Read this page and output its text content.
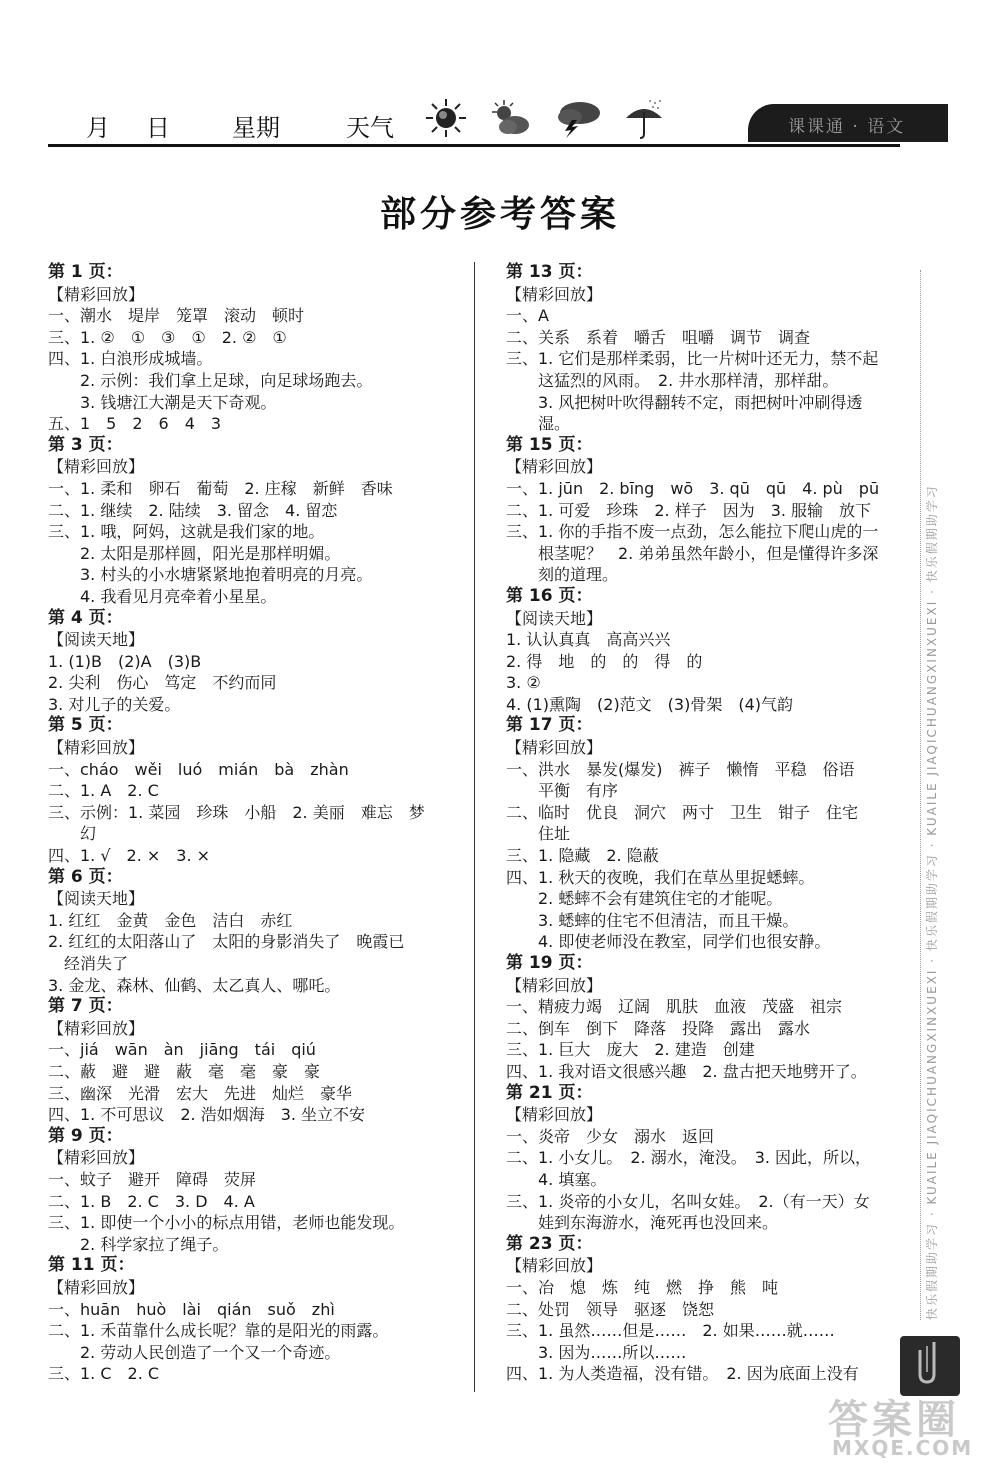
月 日	星期	天气	课课通 · 语文
部分参考答案
第 1 页：
【精彩回放】
一、潮水　堤岸　笼罩　滚动　顿时
三、1. ②　①　③　①　2. ②　①
四、1. 白浪形成城墙。
　　2. 示例：我们拿上足球，向足球场跑去。
　　3. 钱塘江大潮是天下奇观。
五、1　5　2　6　4　3
第 3 页：
【精彩回放】
一、1. 柔和　卵石　葡萄　2. 庄稼　新鲜　香味
二、1. 继续　2. 陆续　3. 留念　4. 留恋
三、1. 哦，阿妈，这就是我们家的地。
　　2. 太阳是那样圆，阳光是那样明媚。
　　3. 村头的小水塘紧紧地抱着明亮的月亮。
　　4. 我看见月亮牵着小星星。
第 4 页：
【阅读天地】
1. (1)B　(2)A　(3)B
2. 尖利　伤心　笃定　不约而同
3. 对儿子的关爱。
第 5 页：
【精彩回放】
一、cháo　wěi　luó　mián　bà　zhàn
二、1. A　2. C
三、示例：1. 菜园　珍珠　小船　2. 美丽　难忘　梦
　　幻
四、1. √　2. ×　3. ×
第 6 页：
【阅读天地】
1. 红红　金黄　金色　洁白　赤红
2. 红红的太阳落山了　太阳的身影消失了　晚霞已
　经消失了
3. 金龙、森林、仙鹤、太乙真人、哪吒。
第 7 页：
【精彩回放】
一、jiá　wān　àn　jiāng　tái　qiú
二、蔽　避　避　蔽　毫　毫　豪　豪
三、幽深　光滑　宏大　先进　灿烂　豪华
四、1. 不可思议　2. 浩如烟海　3. 坐立不安
第 9 页：
【精彩回放】
一、蚊子　避开　障碍　荧屏
二、1. B　2. C　3. D　4. A
三、1. 即使一个小小的标点用错，老师也能发现。
　　2. 科学家拉了绳子。
第 11 页：
【精彩回放】
一、huān　huò　lài　qián　suǒ　zhì
二、1. 禾苗靠什么成长呢？靠的是阳光的雨露。
　　2. 劳动人民创造了一个又一个奇迹。
三、1. C　2. C
第 13 页：
【精彩回放】
一、A
二、关系　系着　嚼舌　咀嚼　调节　调查
三、1. 它们是那样柔弱，比一片树叶还无力，禁不起
　　这猛烈的风雨。　2. 井水那样清，那样甜。
　　3. 风把树叶吹得翻转不定，雨把树叶冲刷得透
　　湿。
第 15 页：
【精彩回放】
一、1. jūn　2. bīng　wō　3. qū　qū　4. pù　pū
二、1. 可爱　珍珠　2. 样子　因为　3. 服输　放下
三、1. 你的手指不废一点劲，怎么能拉下爬山虎的一
　　根茎呢？　2. 弟弟虽然年龄小，但是懂得许多深
　　刻的道理。
第 16 页：
【阅读天地】
1. 认认真真　高高兴兴
2. 得　地　的　的　得　的
3. ②
4. (1)熏陶　(2)范文　(3)骨架　(4)气韵
第 17 页：
【精彩回放】
一、洪水　暴发(爆发)　裤子　懒惰　平稳　俗语
　　平衡　有序
二、临时　优良　洞穴　两寸　卫生　钳子　住宅
　　住址
三、1. 隐藏　2. 隐蔽
四、1. 秋天的夜晚，我们在草丛里捉蟋蟀。
　　2. 蟋蟀不会有建筑住宅的才能呢。
　　3. 蟋蟀的住宅不但清洁，而且干燥。
　　4. 即使老师没在教室，同学们也很安静。
第 19 页：
【精彩回放】
一、精疲力竭　辽阔　肌肤　血液　茂盛　祖宗
二、倒车　倒下　降落　投降　露出　露水
三、1. 巨大　庞大　2. 建造　创建
四、1. 我对语文很感兴趣　2. 盘古把天地劈开了。
第 21 页：
【精彩回放】
一、炎帝　少女　溺水　返回
二、1. 小女儿。　2. 溺水，淹没。　3. 因此，所以，
　　4. 填塞。
三、1. 炎帝的小女儿，名叫女娃。　2.（有一天）女
　　娃到东海游水，淹死再也没回来。
第 23 页：
【精彩回放】
一、冶　熄　炼　纯　燃　挣　熊　吨
二、处罚　领导　驱逐　饶恕
三、1. 虽然……但是……　2. 如果……就……
　　3. 因为……所以……
四、1. 为人类造福，没有错。　2. 因为底面上没有
快乐假期助学习 · KUAILE JIAQICHUANGXINXUEXI · 快乐假期助学习 · KUAILE JIAQICHUANGXINXUEXI · 快乐假期助学习
答案圈
MXQE.COM
